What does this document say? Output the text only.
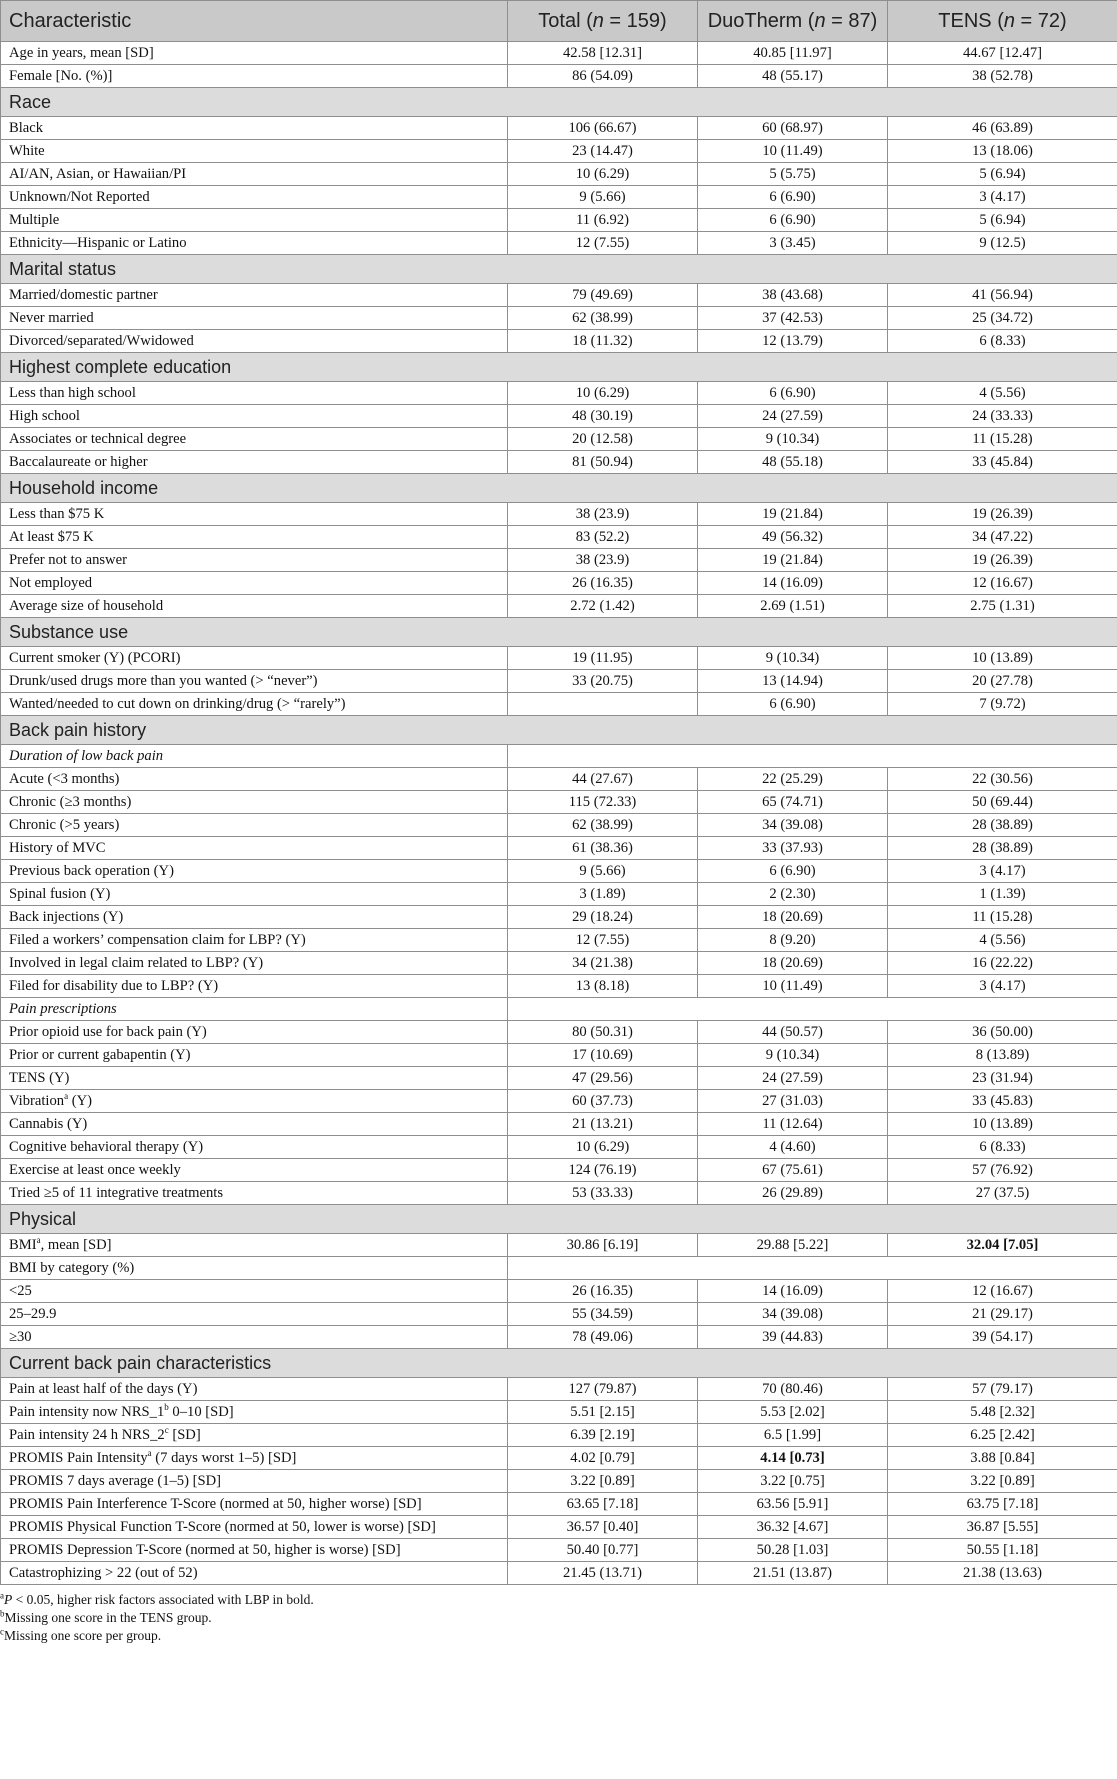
Characteristic	Total (n = 159)	DuoTherm (n = 87)	TENS (n = 72)
Age in years, mean [SD]	42.58 [12.31]	40.85 [11.97]	44.67 [12.47]
Female [No. (%)]	86 (54.09)	48 (55.17)	38 (52.78)
Race			
Black	106 (66.67)	60 (68.97)	46 (63.89)
White	23 (14.47)	10 (11.49)	13 (18.06)
AI/AN, Asian, or Hawaiian/PI	10 (6.29)	5 (5.75)	5 (6.94)
Unknown/Not Reported	9 (5.66)	6 (6.90)	3 (4.17)
Multiple	11 (6.92)	6 (6.90)	5 (6.94)
Ethnicity—Hispanic or Latino	12 (7.55)	3 (3.45)	9 (12.5)
Marital status			
Married/domestic partner	79 (49.69)	38 (43.68)	41 (56.94)
Never married	62 (38.99)	37 (42.53)	25 (34.72)
Divorced/separated/Wwidowed	18 (11.32)	12 (13.79)	6 (8.33)
Highest complete education			
Less than high school	10 (6.29)	6 (6.90)	4 (5.56)
High school	48 (30.19)	24 (27.59)	24 (33.33)
Associates or technical degree	20 (12.58)	9 (10.34)	11 (15.28)
Baccalaureate or higher	81 (50.94)	48 (55.18)	33 (45.84)
Household income			
Less than $75 K	38 (23.9)	19 (21.84)	19 (26.39)
At least $75 K	83 (52.2)	49 (56.32)	34 (47.22)
Prefer not to answer	38 (23.9)	19 (21.84)	19 (26.39)
Not employed	26 (16.35)	14 (16.09)	12 (16.67)
Average size of household	2.72 (1.42)	2.69 (1.51)	2.75 (1.31)
Substance use			
Current smoker (Y) (PCORI)	19 (11.95)	9 (10.34)	10 (13.89)
Drunk/used drugs more than you wanted (> “never”)	33 (20.75)	13 (14.94)	20 (27.78)
Wanted/needed to cut down on drinking/drug (> “rarely”)		6 (6.90)	7 (9.72)
Back pain history			
Duration of low back pain			
Acute (<3 months)	44 (27.67)	22 (25.29)	22 (30.56)
Chronic (≥3 months)	115 (72.33)	65 (74.71)	50 (69.44)
Chronic (>5 years)	62 (38.99)	34 (39.08)	28 (38.89)
History of MVC	61 (38.36)	33 (37.93)	28 (38.89)
Previous back operation (Y)	9 (5.66)	6 (6.90)	3 (4.17)
Spinal fusion (Y)	3 (1.89)	2 (2.30)	1 (1.39)
Back injections (Y)	29 (18.24)	18 (20.69)	11 (15.28)
Filed a workers’ compensation claim for LBP? (Y)	12 (7.55)	8 (9.20)	4 (5.56)
Involved in legal claim related to LBP? (Y)	34 (21.38)	18 (20.69)	16 (22.22)
Filed for disability due to LBP? (Y)	13 (8.18)	10 (11.49)	3 (4.17)
Pain prescriptions			
Prior opioid use for back pain (Y)	80 (50.31)	44 (50.57)	36 (50.00)
Prior or current gabapentin (Y)	17 (10.69)	9 (10.34)	8 (13.89)
TENS (Y)	47 (29.56)	24 (27.59)	23 (31.94)
Vibration$^a$ (Y)	60 (37.73)	27 (31.03)	33 (45.83)
Cannabis (Y)	21 (13.21)	11 (12.64)	10 (13.89)
Cognitive behavioral therapy (Y)	10 (6.29)	4 (4.60)	6 (8.33)
Exercise at least once weekly	124 (76.19)	67 (75.61)	57 (76.92)
Tried ≥5 of 11 integrative treatments	53 (33.33)	26 (29.89)	27 (37.5)
Physical			
BMI$^a$, mean [SD]	30.86 [6.19]	29.88 [5.22]	32.04 [7.05]
BMI by category (%)			
<25	26 (16.35)	14 (16.09)	12 (16.67)
25–29.9	55 (34.59)	34 (39.08)	21 (29.17)
≥30	78 (49.06)	39 (44.83)	39 (54.17)
Current back pain characteristics			
Pain at least half of the days (Y)	127 (79.87)	70 (80.46)	57 (79.17)
Pain intensity now NRS_1$^b$ 0–10 [SD]	5.51 [2.15]	5.53 [2.02]	5.48 [2.32]
Pain intensity 24 h NRS_2$^c$ [SD]	6.39 [2.19]	6.5 [1.99]	6.25 [2.42]
PROMIS Pain Intensity$^a$ (7 days worst 1–5) [SD]	4.02 [0.79]	4.14 [0.73]	3.88 [0.84]
PROMIS 7 days average (1–5) [SD]	3.22 [0.89]	3.22 [0.75]	3.22 [0.89]
PROMIS Pain Interference T-Score (normed at 50, higher worse) [SD]	63.65 [7.18]	63.56 [5.91]	63.75 [7.18]
PROMIS Physical Function T-Score (normed at 50, lower is worse) [SD]	36.57 [0.40]	36.32 [4.67]	36.87 [5.55]
PROMIS Depression T-Score (normed at 50, higher is worse) [SD]	50.40 [0.77]	50.28 [1.03]	50.55 [1.18]
Catastrophizing > 22 (out of 52)	21.45 (13.71)	21.51 (13.87)	21.38 (13.63)
$^a$P < 0.05, higher risk factors associated with LBP in bold.
$^b$Missing one score in the TENS group.
$^c$Missing one score per group.
